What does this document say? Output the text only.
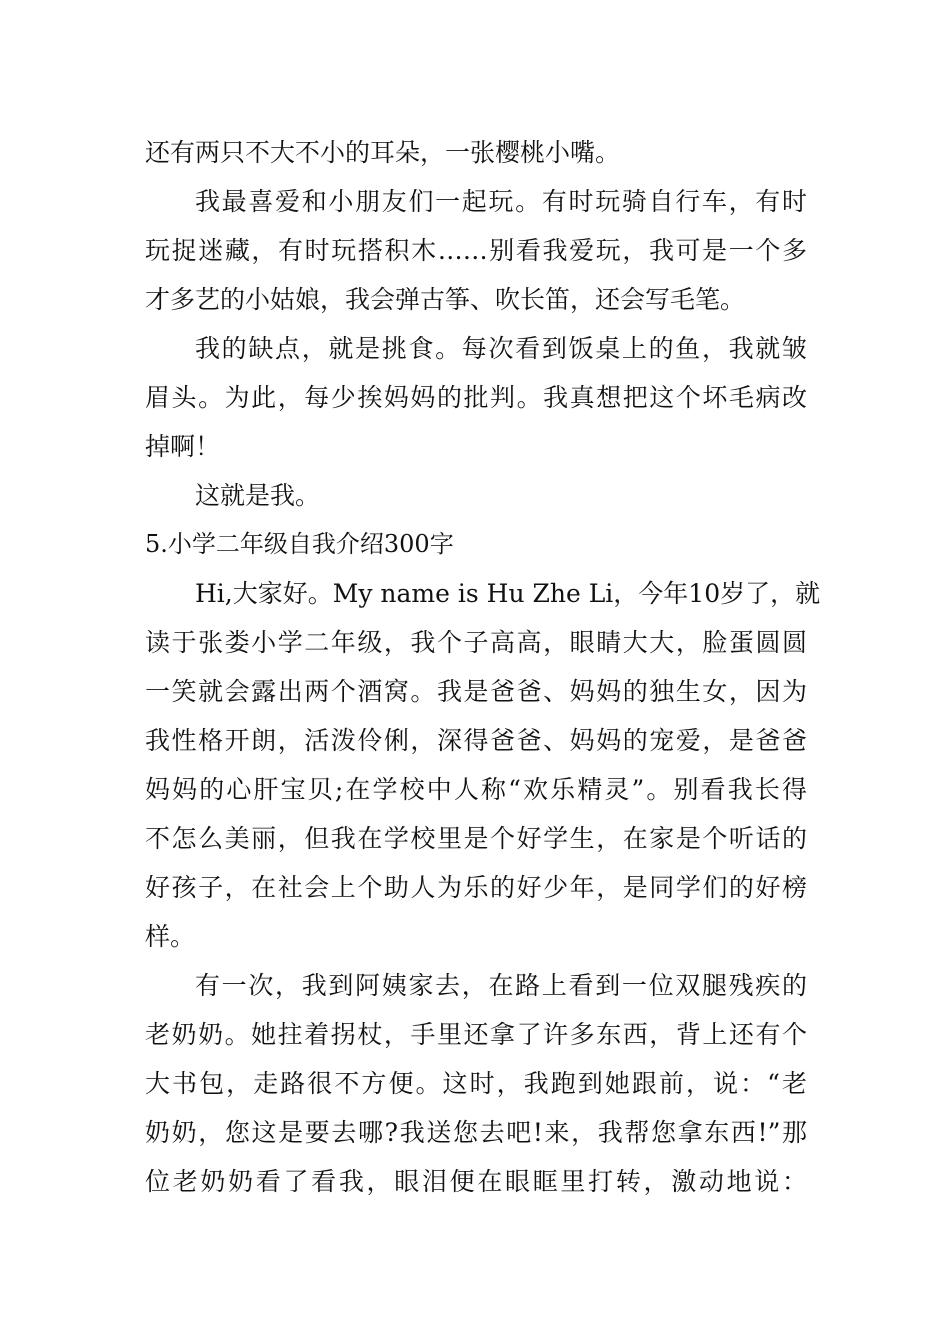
还有两只不大不小的耳朵，一张樱桃小嘴。
我最喜爱和小朋友们一起玩。有时玩骑自行车，有时
玩捉迷藏，有时玩搭积木……别看我爱玩，我可是一个多
才多艺的小姑娘，我会弹古筝、吹长笛，还会写毛笔。
我的缺点，就是挑食。每次看到饭桌上的鱼，我就皱
眉头。为此，每少挨妈妈的批判。我真想把这个坏毛病改
掉啊！
这就是我。
5.小学二年级自我介绍300字
Hi,大家好。My name is Hu Zhe Li，今年10岁了，就
读于张娄小学二年级，我个子高高，眼睛大大，脸蛋圆圆
一笑就会露出两个酒窝。我是爸爸、妈妈的独生女，因为
我性格开朗，活泼伶俐，深得爸爸、妈妈的宠爱，是爸爸
妈妈的心肝宝贝;在学校中人称“欢乐精灵”。别看我长得
不怎么美丽，但我在学校里是个好学生，在家是个听话的
好孩子，在社会上个助人为乐的好少年，是同学们的好榜
样。
有一次，我到阿姨家去，在路上看到一位双腿残疾的
老奶奶。她拄着拐杖，手里还拿了许多东西，背上还有个
大书包，走路很不方便。这时，我跑到她跟前，说：“老
奶奶，您这是要去哪?我送您去吧!来，我帮您拿东西!”那
位老奶奶看了看我，眼泪便在眼眶里打转，激动地说：
